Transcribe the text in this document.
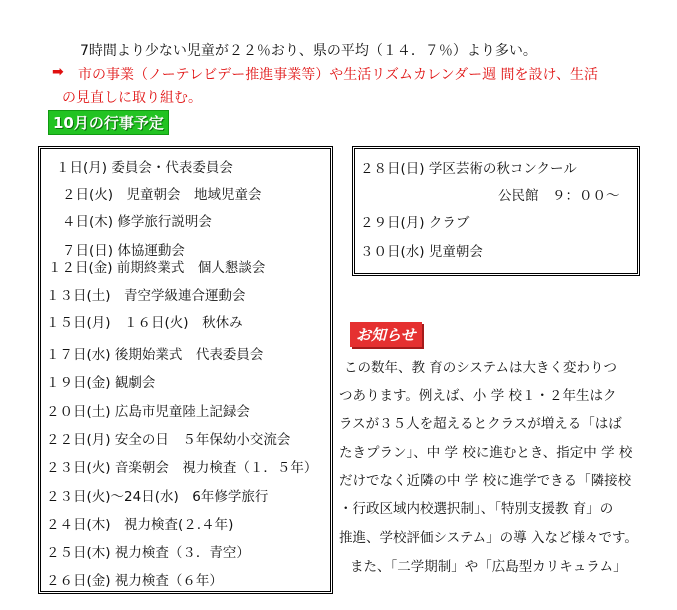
7時間より少ない児童が２２％おり、県の平均（１４．７％）より多い。
➡ 市の事業（ノーテレビデー推進事業等）や生活リズムカレンダー週 間を設け、生活
の見直しに取り組む。
10月の行事予定
１日(月) 委員会・代表委員会
２日(火)　児童朝会　地域児童会
４日(木) 修学旅行説明会
７日(日) 体協運動会
１２日(金) 前期終業式　個人懇談会
１３日(土)　青空学級連合運動会
１５日(月)　１６日(火)　秋休み
１７日(水) 後期始業式　代表委員会
１９日(金) 観劇会
２０日(土) 広島市児童陸上記録会
２２日(月) 安全の日　５年保幼小交流会
２３日(火) 音楽朝会　視力検査（１．５年）
２３日(火)～24日(水)　6年修学旅行
２４日(木)　視力検査(２.４年)
２５日(木) 視力検査（３．青空）
２６日(金) 視力検査（６年）
２８日(日) 学区芸術の秋コンクール
公民館　９：００～
２９日(月) クラブ
３０日(水) 児童朝会
お知らせ
この数年、教 育のシステムは大きく変わりつ
つあります。例えば、小 学 校１・２年生はク
ラスが３５人を超えるとクラスが増える「はば
たきプラン」、中 学 校に進むとき、指定中 学 校
だけでなく近隣の中 学 校に進学できる「隣接校
・行政区域内校選択制」、「特別支援教 育」の
推進、学校評価システム」の導 入など様々です。
また、「二学期制」や「広島型カリキュラム」
